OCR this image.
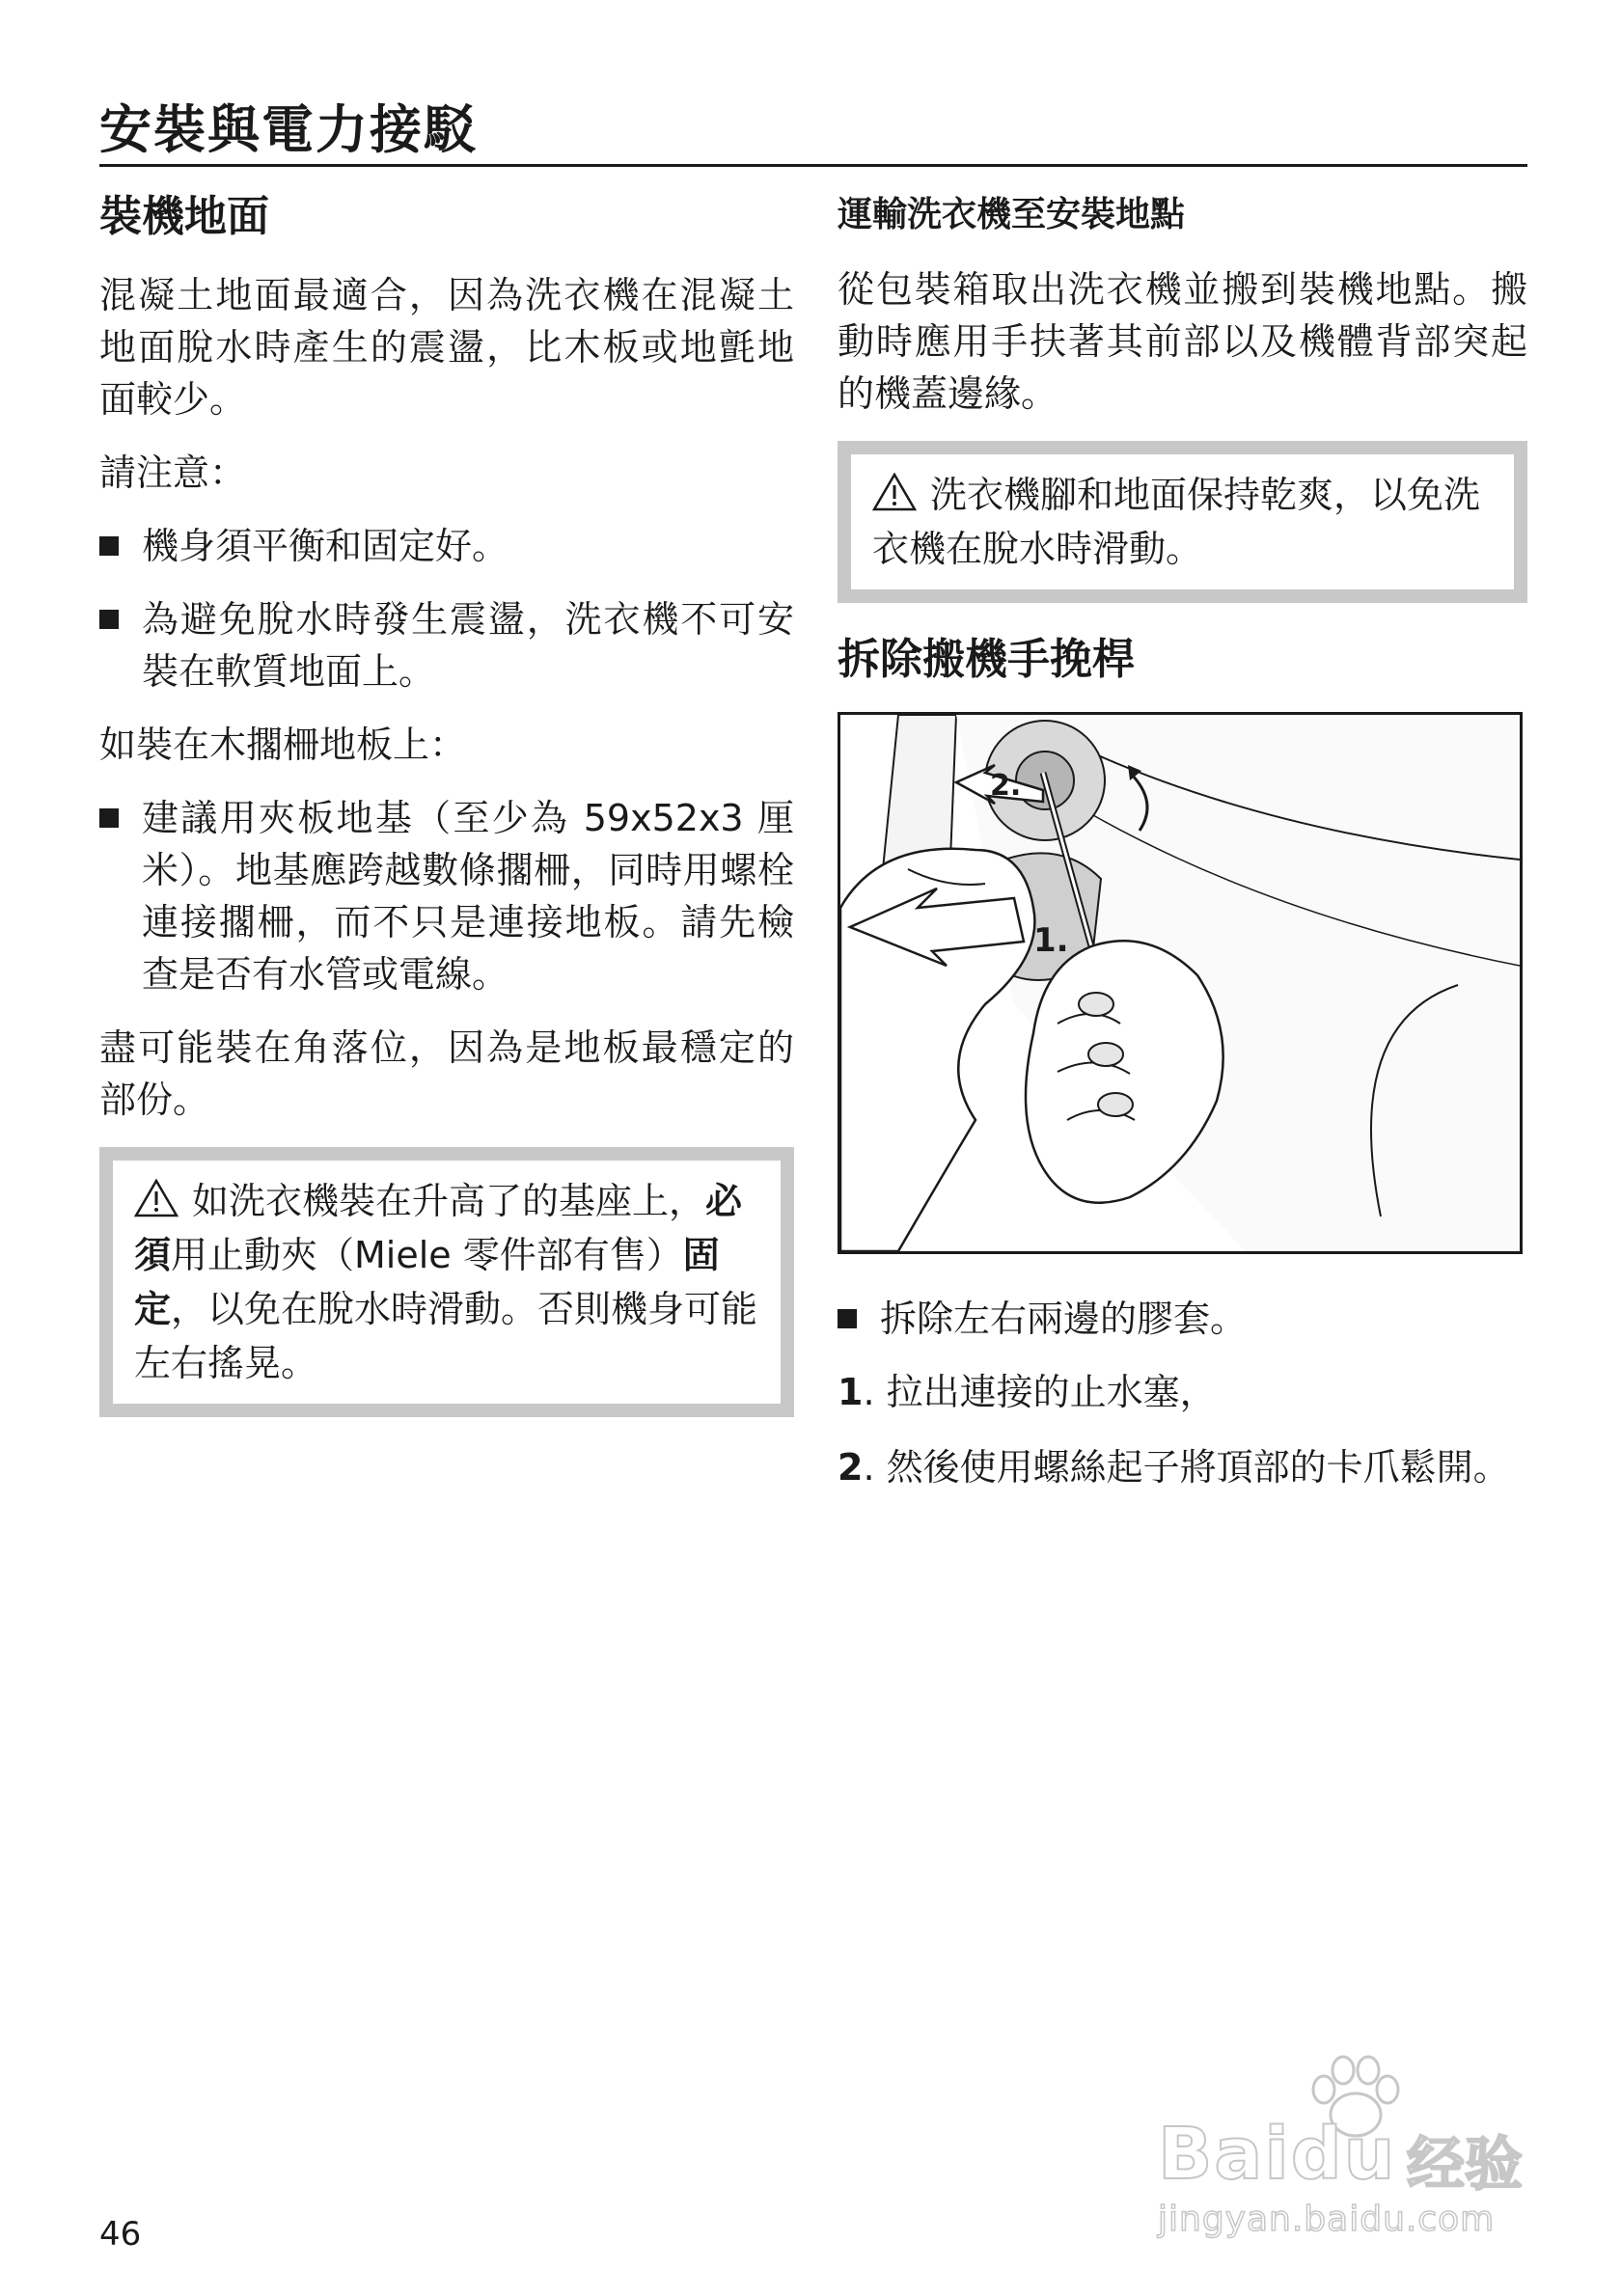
安裝與電力接駁
裝機地面

混凝土地面最適合，因為洗衣機在混凝土地面脫水時產生的震盪，比木板或地氈地面較少。

請注意：

機身須平衡和固定好。
為避免脫水時發生震盪，洗衣機不可安裝在軟質地面上。

如裝在木擱柵地板上：

建議用夾板地基（至少為 59x52x3 厘米）。地基應跨越數條擱柵，同時用螺栓連接擱柵，而不只是連接地板。請先檢查是否有水管或電線。

盡可能裝在角落位，因為是地板最穩定的部份。

如洗衣機裝在升高了的基座上，必須用止動夾（Miele 零件部有售）固定，以免在脫水時滑動。否則機身可能左右搖晃。
運輸洗衣機至安裝地點

從包裝箱取出洗衣機並搬到裝機地點。搬動時應用手扶著其前部以及機體背部突起的機蓋邊緣。

洗衣機腳和地面保持乾爽，以免洗衣機在脫水時滑動。
拆除搬機手挽桿
1.
2.
拆除左右兩邊的膠套。

1. 拉出連接的止水塞，

2. 然後使用螺絲起子將頂部的卡爪鬆開。

46

Baidu 经验
jingyan.baidu.com
